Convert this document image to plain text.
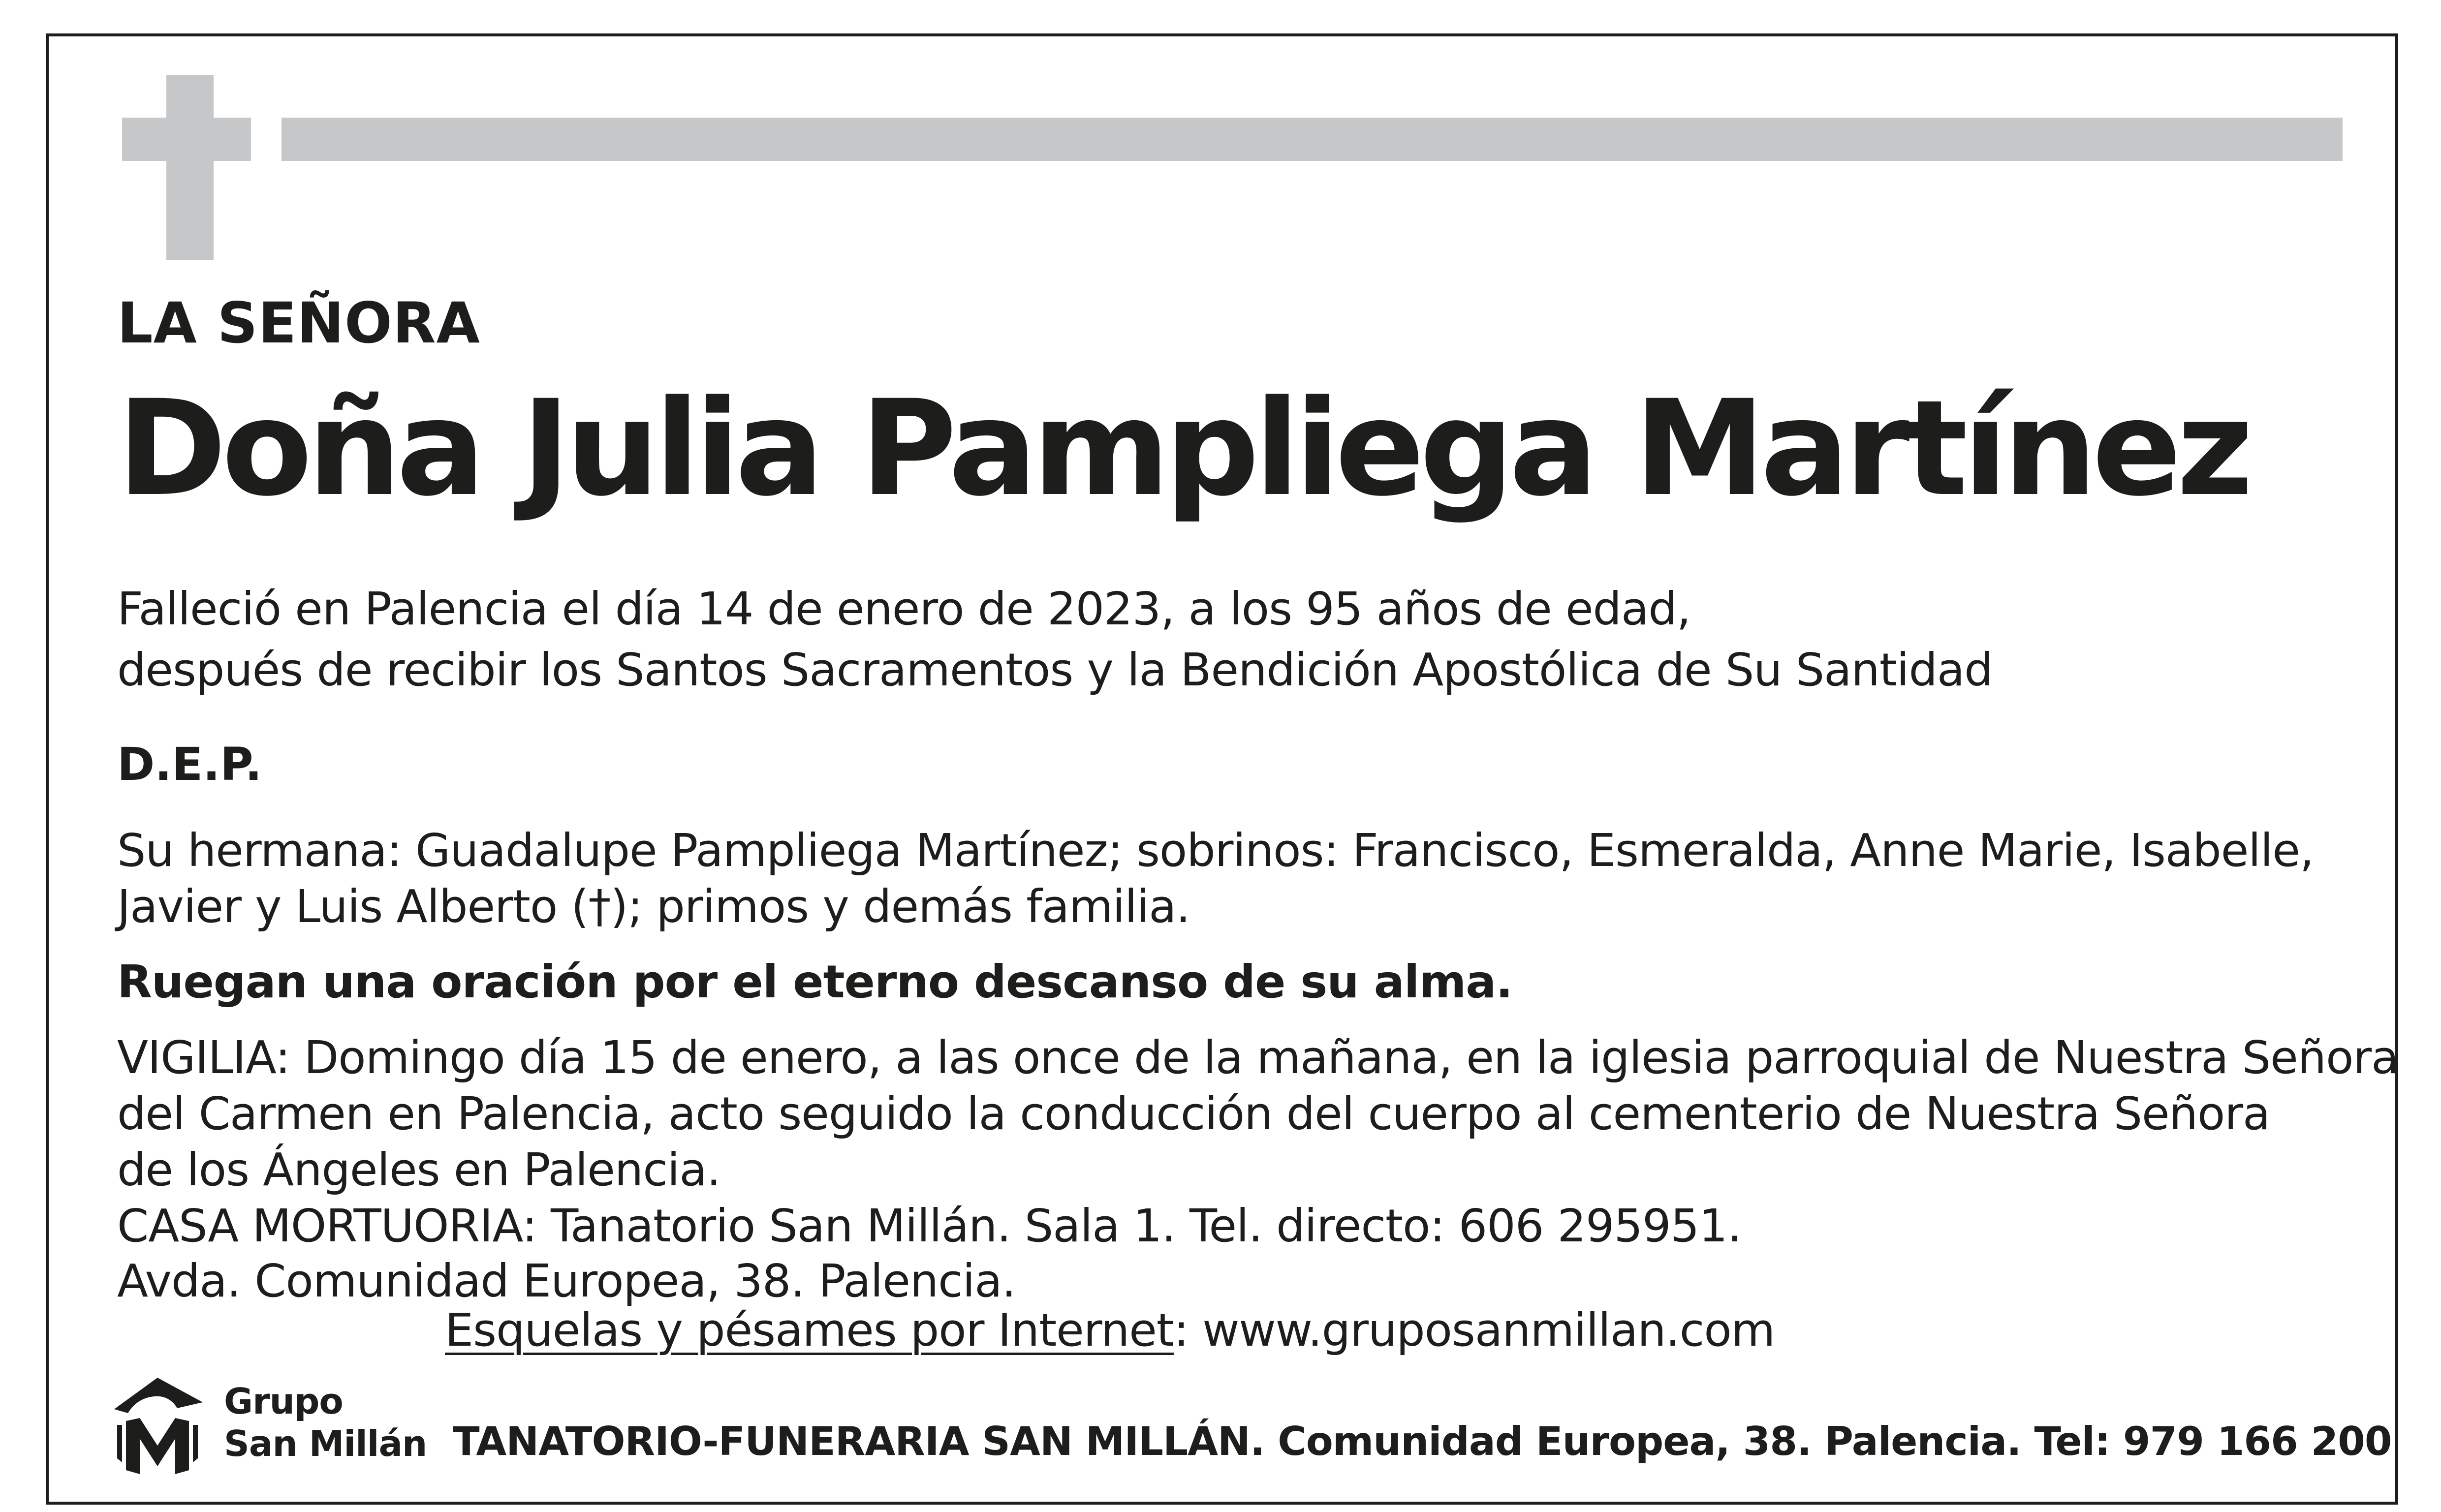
LA SEÑORA
Doña Julia Pampliega Martínez
Falleció en Palencia el día 14 de enero de 2023, a los 95 años de edad,
después de recibir los Santos Sacramentos y la Bendición Apostólica de Su Santidad
D.E.P.
Su hermana: Guadalupe Pampliega Martínez; sobrinos: Francisco, Esmeralda, Anne Marie, Isabelle,
Javier y Luis Alberto (†); primos y demás familia.
Ruegan una oración por el eterno descanso de su alma.
VIGILIA: Domingo día 15 de enero, a las once de la mañana, en la iglesia parroquial de Nuestra Señora
del Carmen en Palencia, acto seguido la conducción del cuerpo al cementerio de Nuestra Señora
de los Ángeles en Palencia.
CASA MORTUORIA: Tanatorio San Millán. Sala 1. Tel. directo: 606 295951.
Avda. Comunidad Europea, 38. Palencia.
Esquelas y pésames por Internet: www.gruposanmillan.com
Grupo
San Millán TANATORIO-FUNERARIA SAN MILLÁN. Comunidad Europea, 38. Palencia. Tel: 979 166 200
